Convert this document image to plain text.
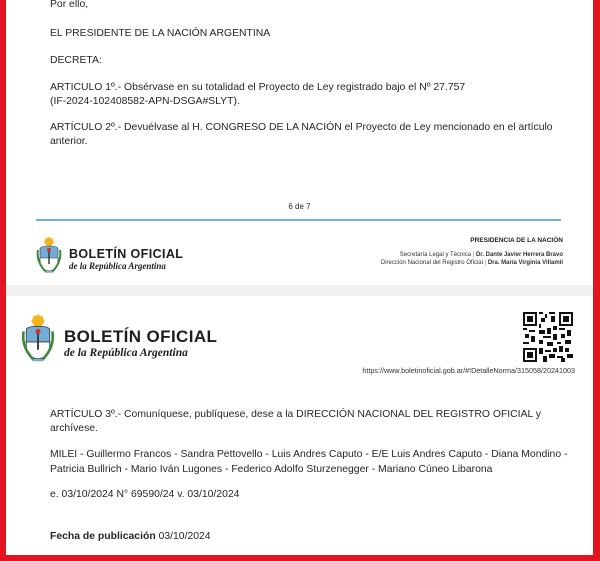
Por ello,

EL PRESIDENTE DE LA NACIÓN ARGENTINA

DECRETA:

ARTICULO 1º.- Obsérvase en su totalidad el Proyecto de Ley registrado bajo el Nº 27.757

(IF-2024-102408582-APN-DSGA#SLYT).

ARTÍCULO 2º.- Devuélvase al H. CONGRESO DE LA NACIÓN el Proyecto de Ley mencionado en el artículo

anterior.

6 de 7

BOLETÍN OFICIAL
de la República Argentina
PRESIDENCIA DE LA NACIÓN
Secretaría Legal y Técnica | Dr. Dante Javier Herrera Bravo
Dirección Nacional del Registro Oficial | Dra. María Virginia Villamil
BOLETÍN OFICIAL
de la República Argentina
https://www.boletinoficial.gob.ar/#!DetalleNorma/315058/20241003

ARTÍCULO 3º.- Comuníquese, publíquese, dese a la DIRECCIÓN NACIONAL DEL REGISTRO OFICIAL y

archívese.

MILEI - Guillermo Francos - Sandra Pettovello - Luis Andres Caputo - E/E Luis Andres Caputo - Diana Mondino -

Patricia Bullrich - Mario Iván Lugones - Federico Adolfo Sturzenegger - Mariano Cúneo Libarona

e. 03/10/2024 N° 69590/24 v. 03/10/2024

Fecha de publicación 03/10/2024
